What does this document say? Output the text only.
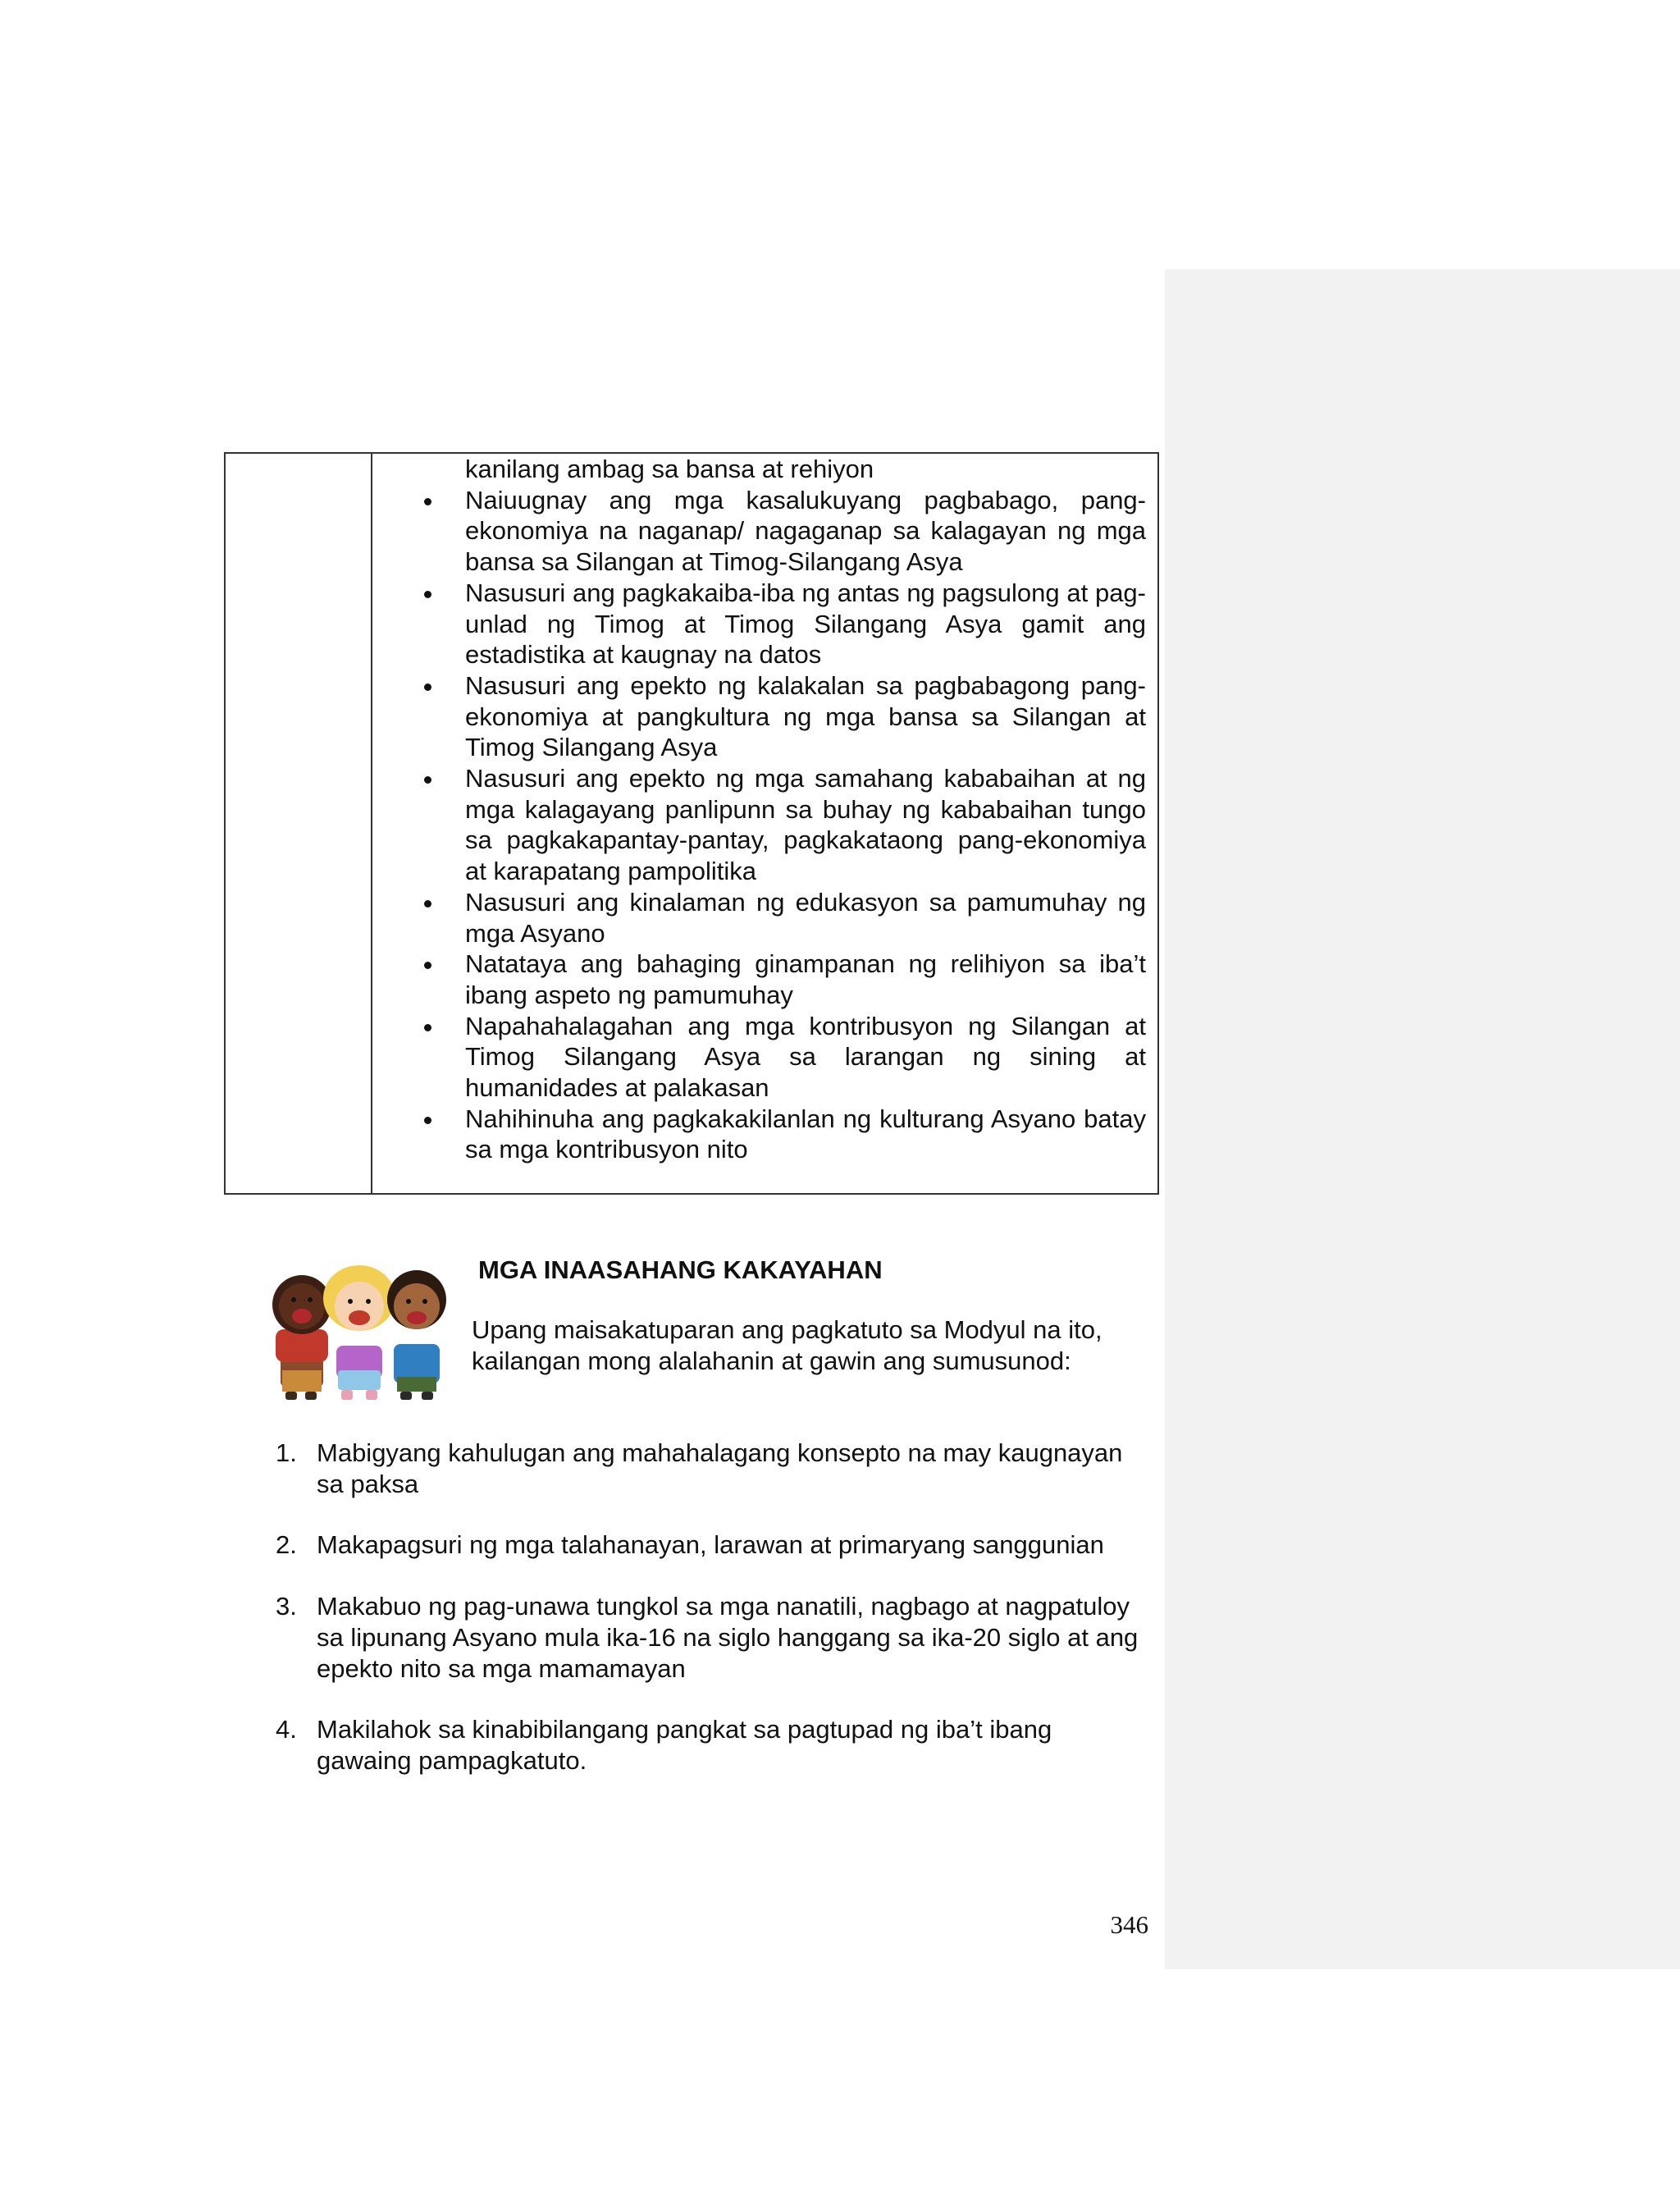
kanilang ambag sa bansa at rehiyon
Naiuugnay ang mga kasalukuyang pagbabago, pang-ekonomiya na naganap/ nagaganap sa kalagayan ng mga bansa sa Silangan at Timog-Silangang Asya
Nasusuri ang pagkakaiba-iba ng antas ng pagsulong at pag-unlad ng Timog at Timog Silangang Asya gamit ang estadistika at kaugnay na datos
Nasusuri ang epekto ng kalakalan sa pagbabagong pang-ekonomiya at pangkultura ng mga bansa sa Silangan at Timog Silangang Asya
Nasusuri ang epekto ng mga samahang kababaihan at ng mga kalagayang panlipunn sa buhay ng kababaihan tungo sa pagkakapantay-pantay, pagkakataong pang-ekonomiya at karapatang pampolitika
Nasusuri ang kinalaman ng edukasyon sa pamumuhay ng mga Asyano
Natataya ang bahaging ginampanan ng relihiyon sa iba’t ibang aspeto ng pamumuhay
Napahahalagahan ang mga kontribusyon ng Silangan at Timog Silangang Asya sa larangan ng sining at humanidades at palakasan
Nahihinuha ang pagkakakilanlan ng kulturang Asyano batay sa mga kontribusyon nito
MGA INAASAHANG KAKAYAHAN

Upang maisakatuparan ang pagkatuto sa Modyul na ito, kailangan mong alalahanin at gawin ang sumusunod:

1. Mabigyang kahulugan ang mahahalagang konsepto na may kaugnayan sa paksa
2. Makapagsuri ng mga talahanayan, larawan at primaryang sanggunian
3. Makabuo ng pag-unawa tungkol sa mga nanatili, nagbago at nagpatuloy sa lipunang Asyano mula ika-16 na siglo hanggang sa ika-20 siglo at ang epekto nito sa mga mamamayan
4. Makilahok sa kinabibilangang pangkat sa pagtupad ng iba’t ibang gawaing pampagkatuto.
346
